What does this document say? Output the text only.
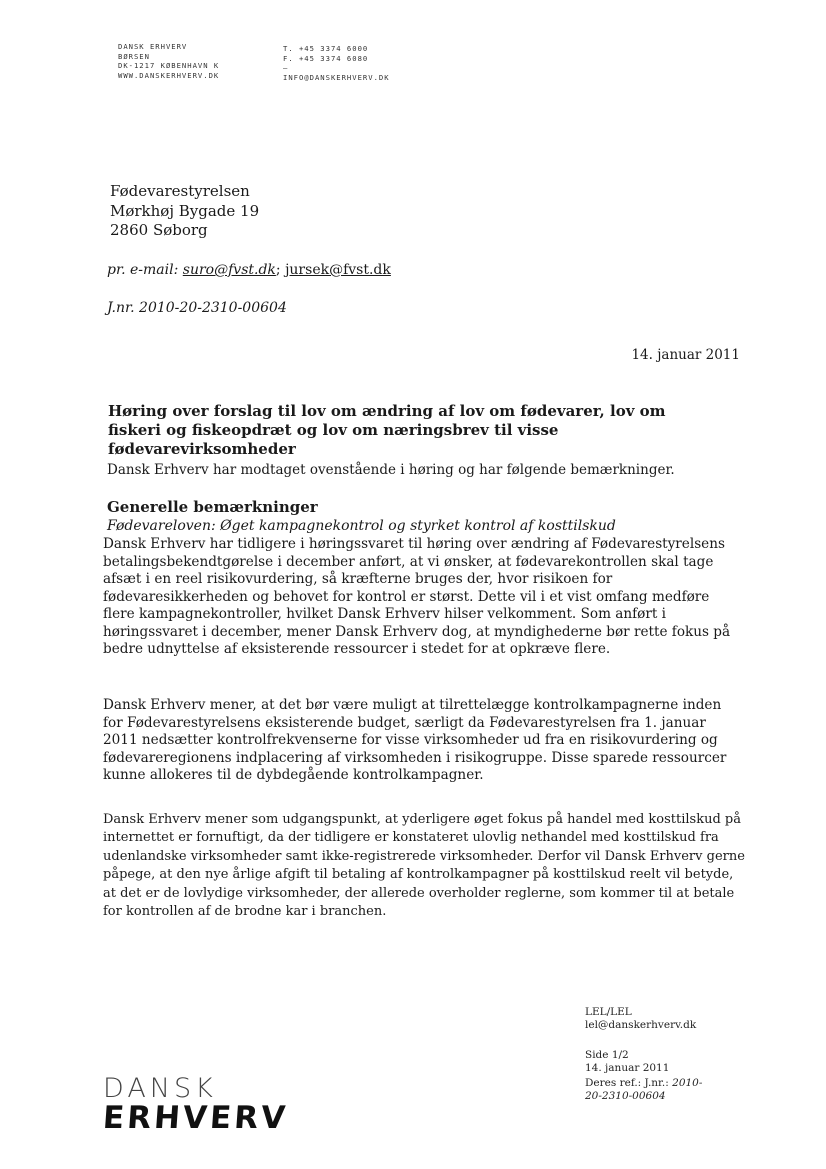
DANSK ERHVERV
BØRSEN
DK-1217 KØBENHAVN K
WWW.DANSKERHVERV.DK
T. +45 3374 6000
F. +45 3374 6080
–
INFO@DANSKERHVERV.DK
Fødevarestyrelsen
Mørkhøj Bygade 19
2860 Søborg
pr. e-mail: suro@fvst.dk; jursek@fvst.dk
J.nr. 2010-20-2310-00604
14. januar 2011
Høring over forslag til lov om ændring af lov om fødevarer, lov om fiskeri og fiskeopdræt og lov om næringsbrev til visse fødevarevirksomheder
Dansk Erhverv har modtaget ovenstående i høring og har følgende bemærkninger.
Generelle bemærkninger
Fødevareloven: Øget kampagnekontrol og styrket kontrol af kosttilskud
Dansk Erhverv har tidligere i høringssvaret til høring over ændring af Fødevarestyrelsens betalingsbekendtgørelse i december anført, at vi ønsker, at fødevarekontrollen skal tage afsæt i en reel risikovurdering, så kræfterne bruges der, hvor risikoen for fødevaresikkerheden og behovet for kontrol er størst. Dette vil i et vist omfang medføre flere kampagnekontroller, hvilket Dansk Erhverv hilser velkomment. Som anført i høringssvaret i december, mener Dansk Erhverv dog, at myndighederne bør rette fokus på bedre udnyttelse af eksisterende ressourcer i stedet for at opkræve flere.
Dansk Erhverv mener, at det bør være muligt at tilrettelægge kontrolkampagnerne inden for Fødevarestyrelsens eksisterende budget, særligt da Fødevarestyrelsen fra 1. januar 2011 nedsætter kontrolfrekvenserne for visse virksomheder ud fra en risikovurdering og fødevareregionens indplacering af virksomheden i risikogruppe. Disse sparede ressourcer kunne allokeres til de dybdegående kontrolkampagner.
Dansk Erhverv mener som udgangspunkt, at yderligere øget fokus på handel med kosttilskud på internettet er fornuftigt, da der tidligere er konstateret ulovlig nethandel med kosttilskud fra udenlandske virksomheder samt ikke-registrerede virksomheder. Derfor vil Dansk Erhverv gerne påpege, at den nye årlige afgift til betaling af kontrolkampagner på kosttilskud reelt vil betyde, at det er de lovlydige virksomheder, der allerede overholder reglerne, som kommer til at betale for kontrollen af de brodne kar i branchen.
LEL/LEL
lel@danskerhverv.dk
Side 1/2
14. januar 2011
Deres ref.: J.nr.: 2010-20-2310-00604
DANSK
ERHVERV
